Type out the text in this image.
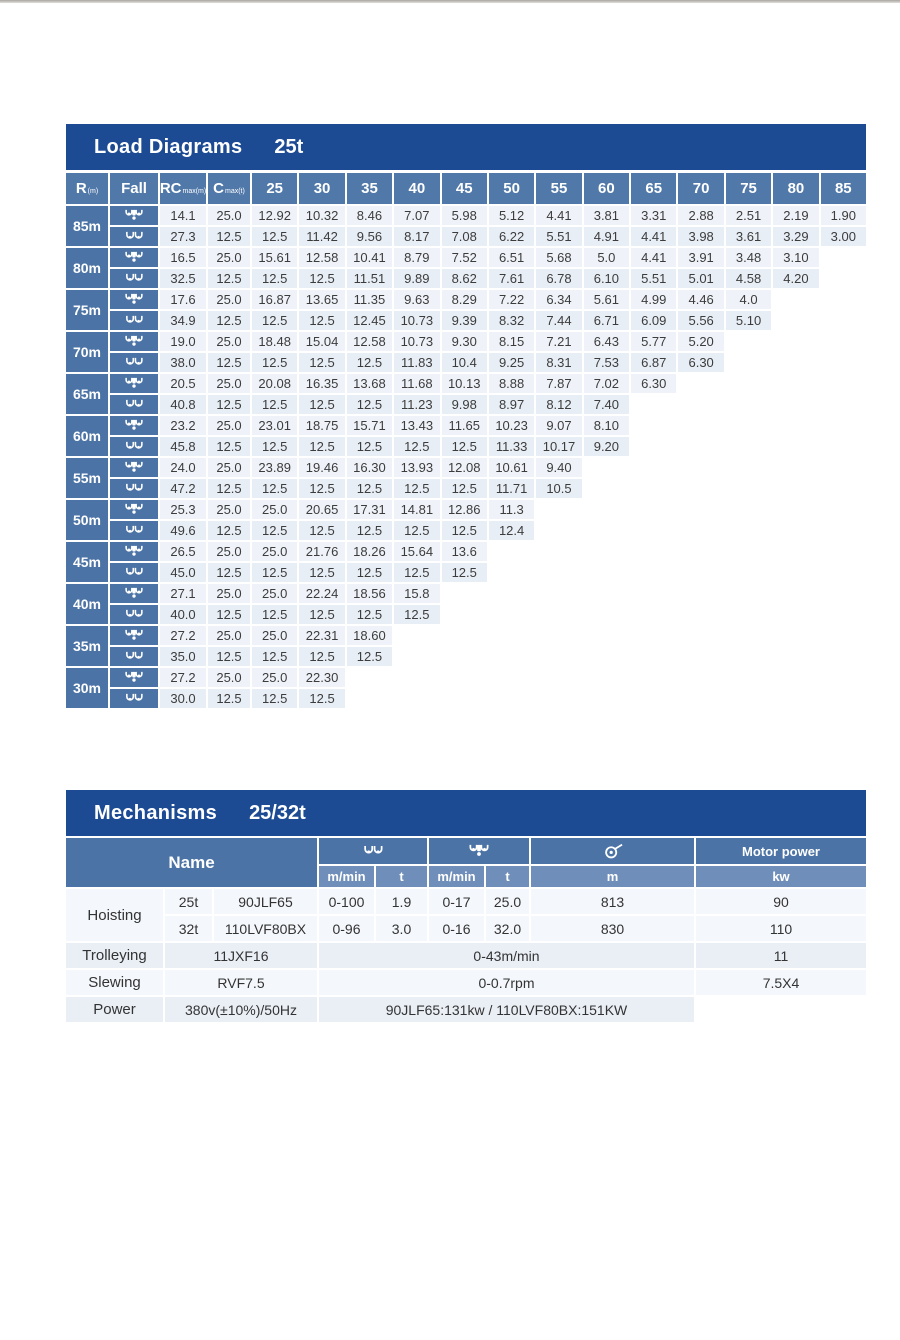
Load Diagrams 25t
R (m)	Fall RC max(m) C max(t)	25	30	35	40	45	50	55	60	65	70	75	80	85
85m
14.1	25.0	12.92	10.32	8.46	7.07	5.98	5.12	4.41	3.81	3.31	2.88	2.51	2.19	1.90
27.3	12.5	12.5	11.42	9.56	8.17	7.08	6.22	5.51	4.91	4.41	3.98	3.61	3.29	3.00
80m
16.5	25.0	15.61	12.58	10.41	8.79	7.52	6.51	5.68	5.0	4.41	3.91	3.48	3.10
32.5	12.5	12.5	12.5	11.51	9.89	8.62	7.61	6.78	6.10	5.51	5.01	4.58	4.20
75m
17.6	25.0	16.87	13.65	11.35	9.63	8.29	7.22	6.34	5.61	4.99	4.46	4.0
34.9	12.5	12.5	12.5	12.45	10.73	9.39	8.32	7.44	6.71	6.09	5.56	5.10
70m
19.0	25.0	18.48	15.04	12.58	10.73	9.30	8.15	7.21	6.43	5.77	5.20
38.0	12.5	12.5	12.5	12.5	11.83	10.4	9.25	8.31	7.53	6.87	6.30
65m
20.5	25.0	20.08	16.35	13.68	11.68	10.13	8.88	7.87	7.02	6.30
40.8	12.5	12.5	12.5	12.5	11.23	9.98	8.97	8.12	7.40
60m
23.2	25.0	23.01	18.75	15.71	13.43	11.65	10.23	9.07	8.10
45.8	12.5	12.5	12.5	12.5	12.5	12.5	11.33	10.17	9.20
55m
24.0	25.0	23.89	19.46	16.30	13.93	12.08	10.61	9.40
47.2	12.5	12.5	12.5	12.5	12.5	12.5	11.71	10.5
50m
25.3	25.0	25.0	20.65	17.31	14.81	12.86	11.3
49.6	12.5	12.5	12.5	12.5	12.5	12.5	12.4
45m
26.5	25.0	25.0	21.76	18.26	15.64	13.6
45.0	12.5	12.5	12.5	12.5	12.5	12.5
40m
27.1	25.0	25.0	22.24	18.56	15.8
40.0	12.5	12.5	12.5	12.5	12.5
35m
27.2	25.0	25.0	22.31	18.60
35.0	12.5	12.5	12.5	12.5
30m
27.2	25.0	25.0	22.30
30.0	12.5	12.5	12.5
Mechanisms 25/32t
Name
Motor power
m/min	t	m/min	t	m	kw
Hoisting
25t	90JLF65	0-100	1.9	0-17	25.0	813	90
32t	110LVF80BX	0-96	3.0	0-16	32.0	830	110
Trolleying	11JXF16	0-43m/min	11
Slewing	RVF7.5	0-0.7rpm	7.5X4
Power	380v(±10%)/50Hz	90JLF65:131kw / 110LVF80BX:151KW
